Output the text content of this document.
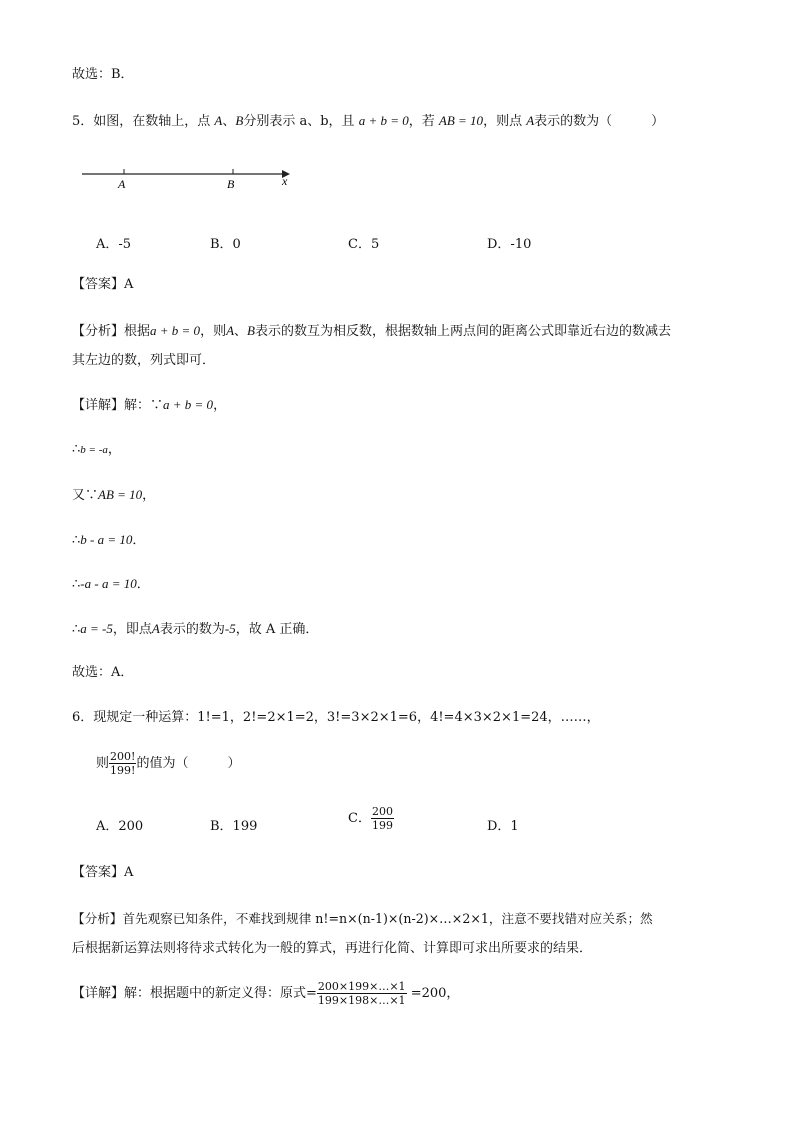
故选：B．
5．如图，在数轴上，点 A、B分别表示 a、b，且 a + b = 0，若 AB = 10，则点 A表示的数为（　　　）
A	B	x
A．-5	B．0	C．5	D．-10
【答案】A
【分析】根据a + b = 0，则A、B表示的数互为相反数，根据数轴上两点间的距离公式即靠近右边的数减去
其左边的数，列式即可．
【详解】解：∵a + b = 0，
∴b = -a，
又∵AB = 10，
∴b - a = 10．
∴-a - a = 10．
∴a = -5，即点A表示的数为-5，故 A 正确．
故选：A．
6．现规定一种运算：1!=1，2!=2×1=2，3!=3×2×1=6，4!=4×3×2×1=24，……，
则 $\frac{200!}{199!}$ 的值为（　　　）
A．200	B．199
C． $\frac{200}{199}$	D．1
【答案】A
【分析】首先观察已知条件，不难找到规律 n!=n×(n-1)×(n-2)×…×2×1，注意不要找错对应关系；然
后根据新运算法则将待求式转化为一般的算式，再进行化简、计算即可求出所要求的结果．
【详解】解：根据题中的新定义得：原式= $\frac{200\times 199\times\dots\times 1}{199\times 198\times\dots\times 1} =200$，
